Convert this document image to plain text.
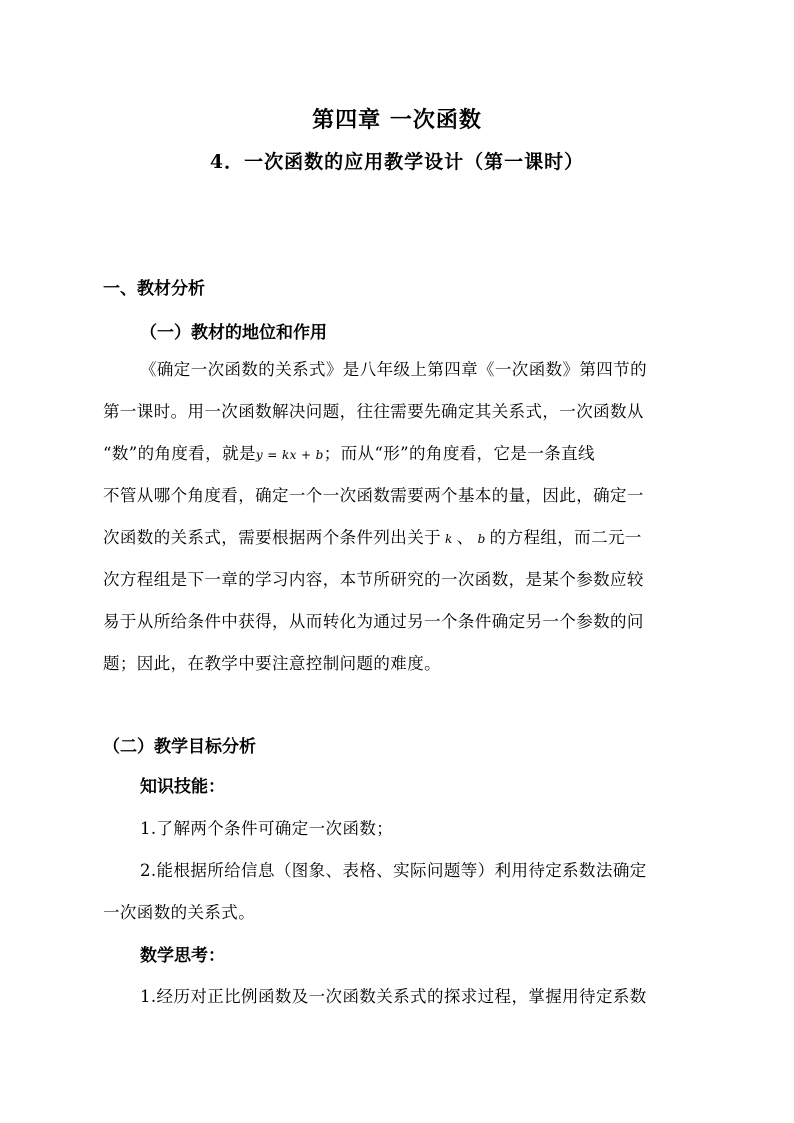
第四章 一次函数
4．一次函数的应用教学设计（第一课时）
一、教材分析
（一）教材的地位和作用
《确定一次函数的关系式》是八年级上第四章《一次函数》第四节的
第一课时。用一次函数解决问题，往往需要先确定其关系式，一次函数从
“数”的角度看，就是y = kx + b；而从“形”的角度看，它是一条直线
不管从哪个角度看，确定一个一次函数需要两个基本的量，因此，确定一
次函数的关系式，需要根据两个条件列出关于 k 、 b 的方程组，而二元一
次方程组是下一章的学习内容，本节所研究的一次函数，是某个参数应较
易于从所给条件中获得，从而转化为通过另一个条件确定另一个参数的问
题；因此，在教学中要注意控制问题的难度。
（二）教学目标分析
知识技能：
1.了解两个条件可确定一次函数；
2.能根据所给信息（图象、表格、实际问题等）利用待定系数法确定
一次函数的关系式。
数学思考：
1.经历对正比例函数及一次函数关系式的探求过程，掌握用待定系数
